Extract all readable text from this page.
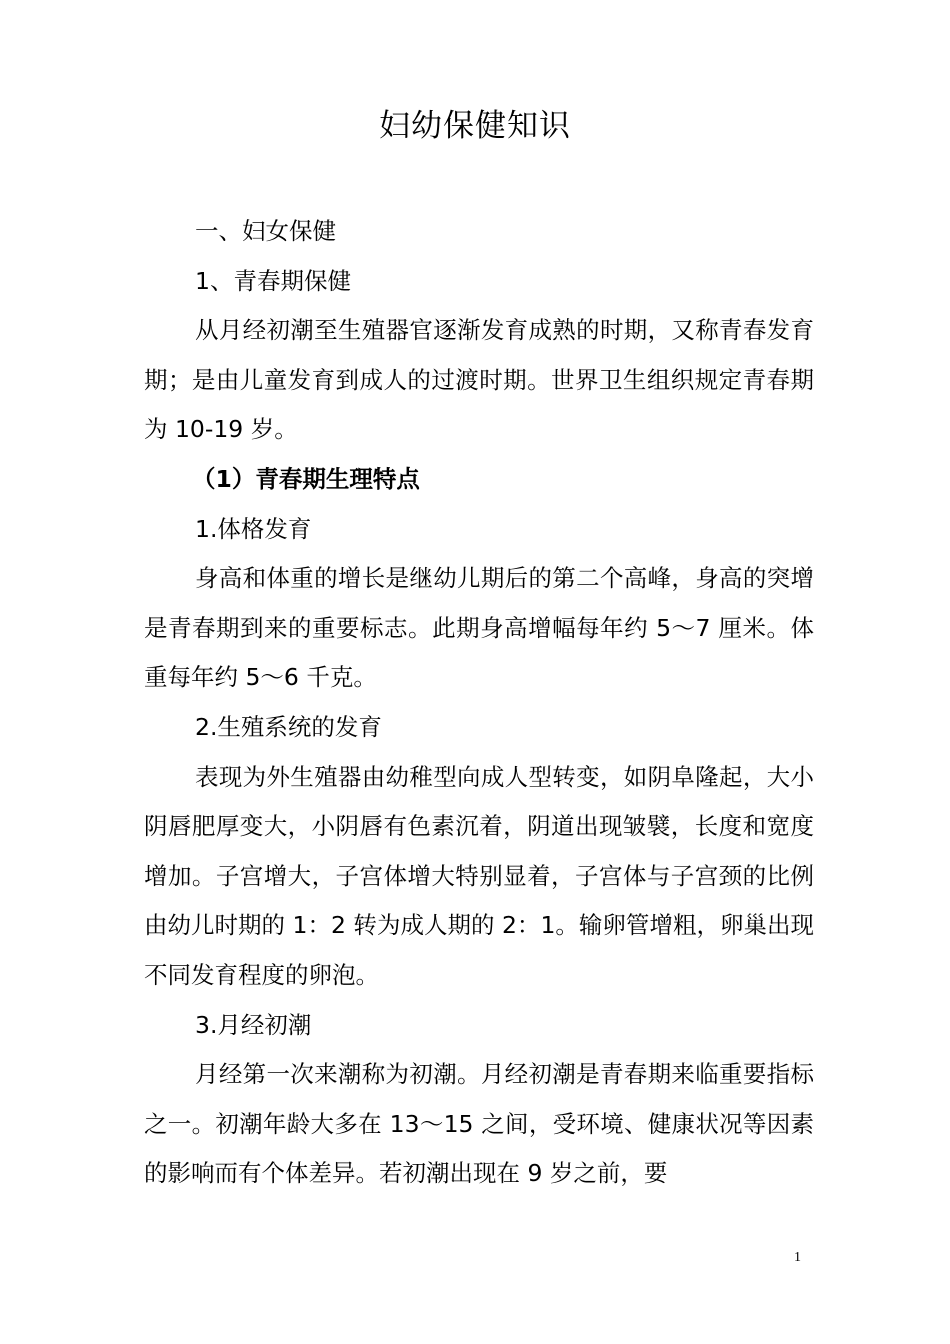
妇幼保健知识

一、妇女保健

1、青春期保健

从月经初潮至生殖器官逐渐发育成熟的时期，又称青春发育期；是由儿童发育到成人的过渡时期。世界卫生组织规定青春期为 10-19 岁。

（1）青春期生理特点

1.体格发育

身高和体重的增长是继幼儿期后的第二个高峰，身高的突增是青春期到来的重要标志。此期身高增幅每年约 5～7 厘米。体重每年约 5～6 千克。

2.生殖系统的发育

表现为外生殖器由幼稚型向成人型转变，如阴阜隆起，大小阴唇肥厚变大，小阴唇有色素沉着，阴道出现皱襞，长度和宽度增加。子宫增大，子宫体增大特别显着，子宫体与子宫颈的比例由幼儿时期的 1：2 转为成人期的 2：1。输卵管增粗，卵巢出现不同发育程度的卵泡。

3.月经初潮

月经第一次来潮称为初潮。月经初潮是青春期来临重要指标之一。初潮年龄大多在 13～15 之间，受环境、健康状况等因素的影响而有个体差异。若初潮出现在 9 岁之前，要

1
